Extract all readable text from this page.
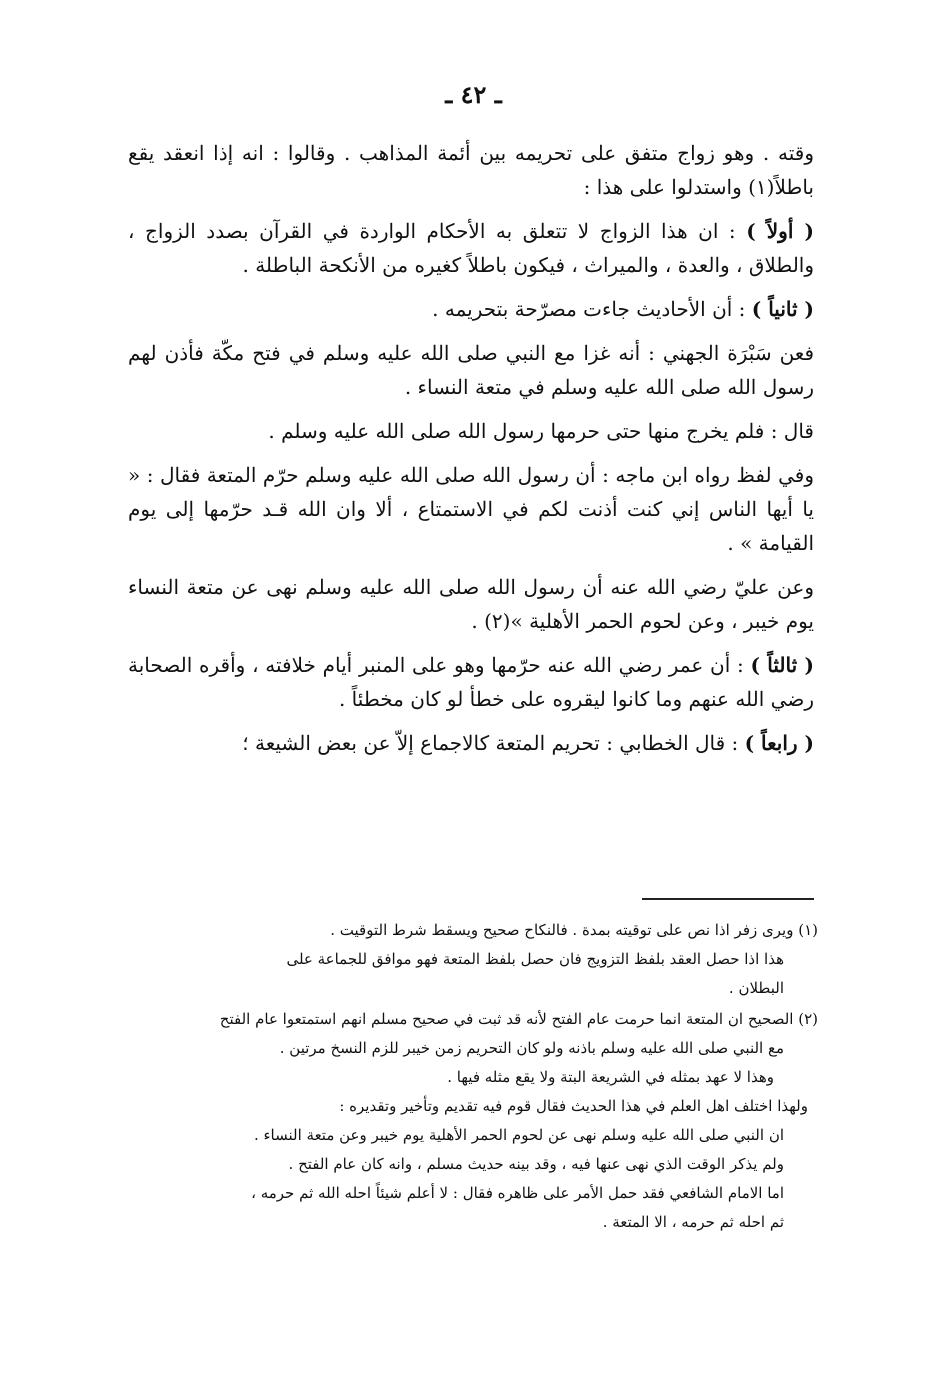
ـ ٤٢ ـ

وقته . وهو زواج متفق على تحريمه بين أئمة المذاهب . وقالوا : انه إذا انعقد يقع باطلاً(١) واستدلوا على هذا :

( أولاً ) : ان هذا الزواج لا تتعلق به الأحكام الواردة في القرآن بصدد الزواج ، والطلاق ، والعدة ، والميراث ، فيكون باطلاً كغيره من الأنكحة الباطلة .

( ثانياً ) : أن الأحاديث جاءت مصرّحة بتحريمه .

فعن سَبْرَة الجهني : أنه غزا مع النبي صلى الله عليه وسلم في فتح مكّة فأذن لهم رسول الله صلى الله عليه وسلم في متعة النساء .

قال : فلم يخرج منها حتى حرمها رسول الله صلى الله عليه وسلم .

وفي لفظ رواه ابن ماجه : أن رسول الله صلى الله عليه وسلم حرّم المتعة فقال : « يا أيها الناس إني كنت أذنت لكم في الاستمتاع ، ألا وان الله قـد حرّمها إلى يوم القيامة » .

وعن عليّ رضي الله عنه أن رسول الله صلى الله عليه وسلم نهى عن متعة النساء يوم خيبر ، وعن لحوم الحمر الأهلية »(٢) .

( ثالثاً ) : أن عمر رضي الله عنه حرّمها وهو على المنبر أيام خلافته ، وأقره الصحابة رضي الله عنهم وما كانوا ليقروه على خطأ لو كان مخطئاً .

( رابعاً ) : قال الخطابي : تحريم المتعة كالاجماع إلاّ عن بعض الشيعة ؛

(١) ويرى زفر اذا نص على توقيته بمدة . فالنكاح صحيح ويسقط شرط التوقيت .
هذا اذا حصل العقد بلفظ التزويج فان حصل بلفظ المتعة فهو موافق للجماعة على
البطلان .
(٢) الصحيح ان المتعة انما حرمت عام الفتح لأنه قد ثبت في صحيح مسلم انهم استمتعوا عام الفتح
مع النبي صلى الله عليه وسلم باذنه ولو كان التحريم زمن خيبر للزم النسخ مرتين .
وهذا لا عهد بمثله في الشريعة البتة ولا يقع مثله فيها .
ولهذا اختلف اهل العلم في هذا الحديث فقال قوم فيه تقديم وتأخير وتقديره :
ان النبي صلى الله عليه وسلم نهى عن لحوم الحمر الأهلية يوم خيبر وعن متعة النساء .
ولم يذكر الوقت الذي نهى عنها فيه ، وقد بينه حديث مسلم ، وانه كان عام الفتح .
اما الامام الشافعي فقد حمل الأمر على ظاهره فقال : لا أعلم شيئاً احله الله ثم حرمه ،
ثم احله ثم حرمه ، الا المتعة .
